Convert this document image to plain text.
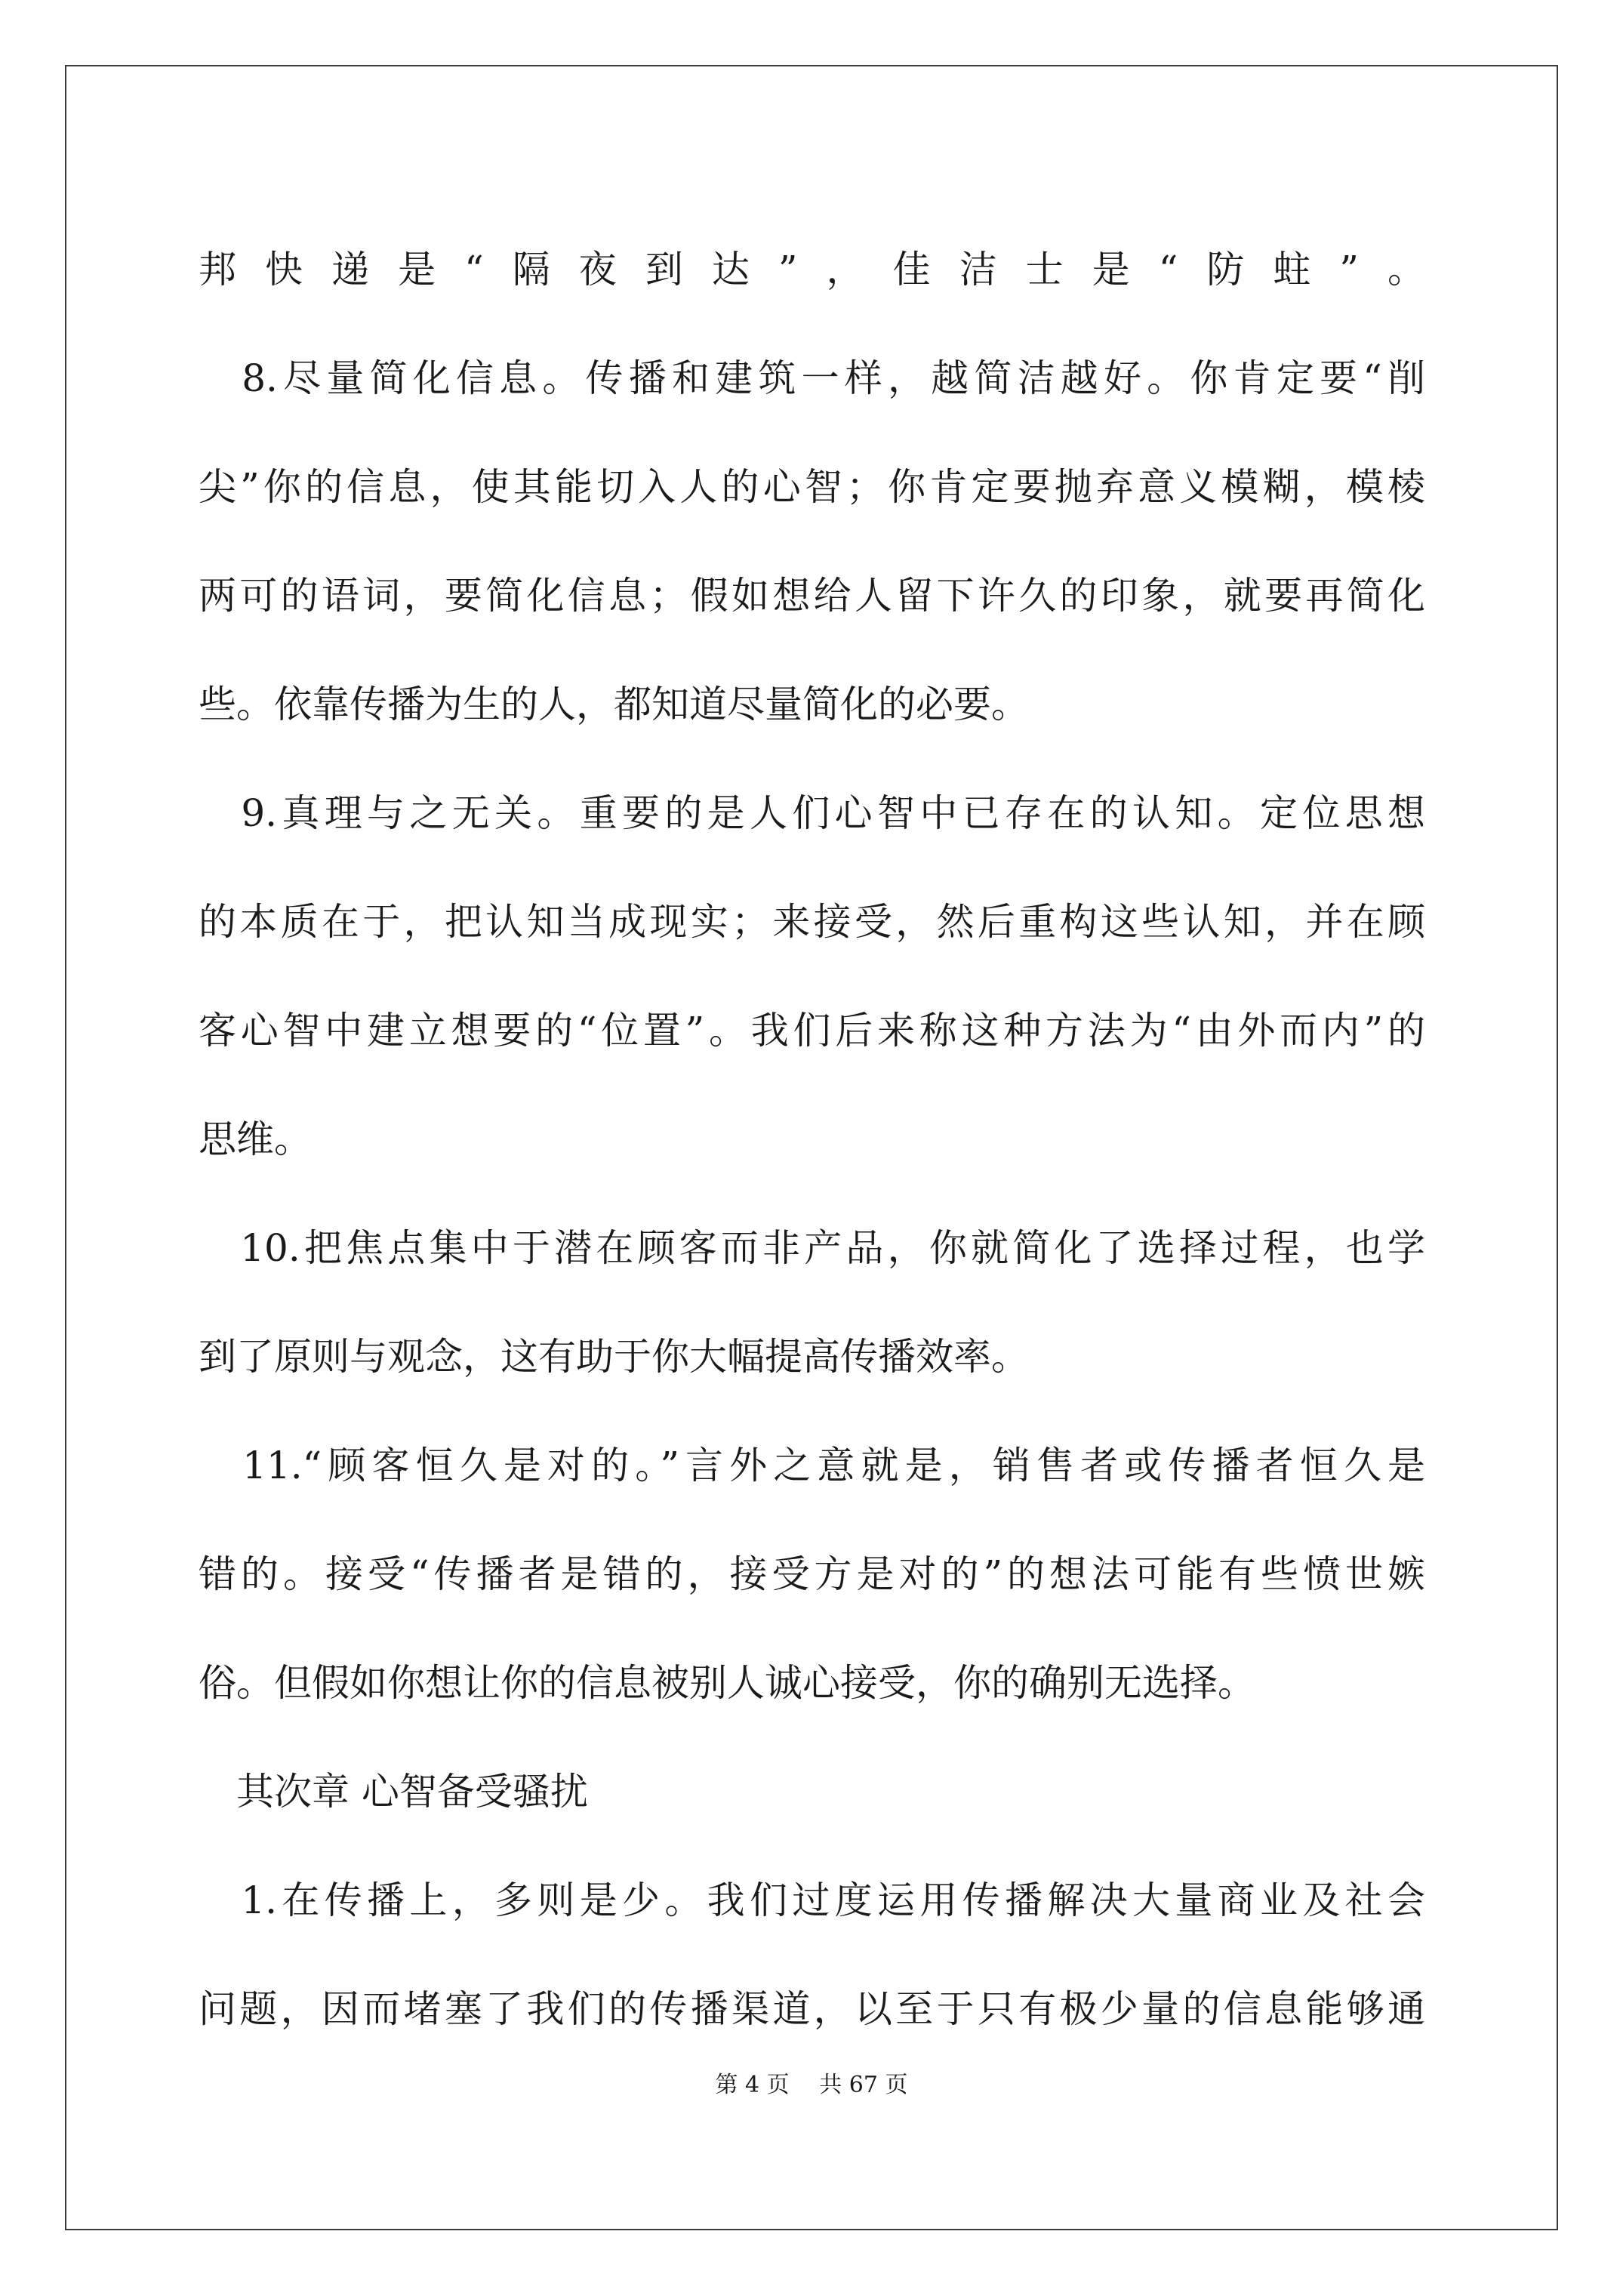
邦快递是“隔夜到达”，佳洁士是“防蛀”。
　8.尽量简化信息。传播和建筑一样，越简洁越好。你肯定要“削
尖”你的信息，使其能切入人的心智；你肯定要抛弃意义模糊，模棱
两可的语词，要简化信息；假如想给人留下许久的印象，就要再简化
些。依靠传播为生的人，都知道尽量简化的必要。
　9.真理与之无关。重要的是人们心智中已存在的认知。定位思想
的本质在于，把认知当成现实；来接受，然后重构这些认知，并在顾
客心智中建立想要的“位置”。我们后来称这种方法为“由外而内”的
思维。
　10.把焦点集中于潜在顾客而非产品，你就简化了选择过程，也学
到了原则与观念，这有助于你大幅提高传播效率。
　11.“顾客恒久是对的。”言外之意就是，销售者或传播者恒久是
错的。接受“传播者是错的，接受方是对的”的想法可能有些愤世嫉
俗。但假如你想让你的信息被别人诚心接受，你的确别无选择。
　其次章 心智备受骚扰
　1.在传播上，多则是少。我们过度运用传播解决大量商业及社会
问题，因而堵塞了我们的传播渠道，以至于只有极少量的信息能够通
第 4 页　 共 67 页
